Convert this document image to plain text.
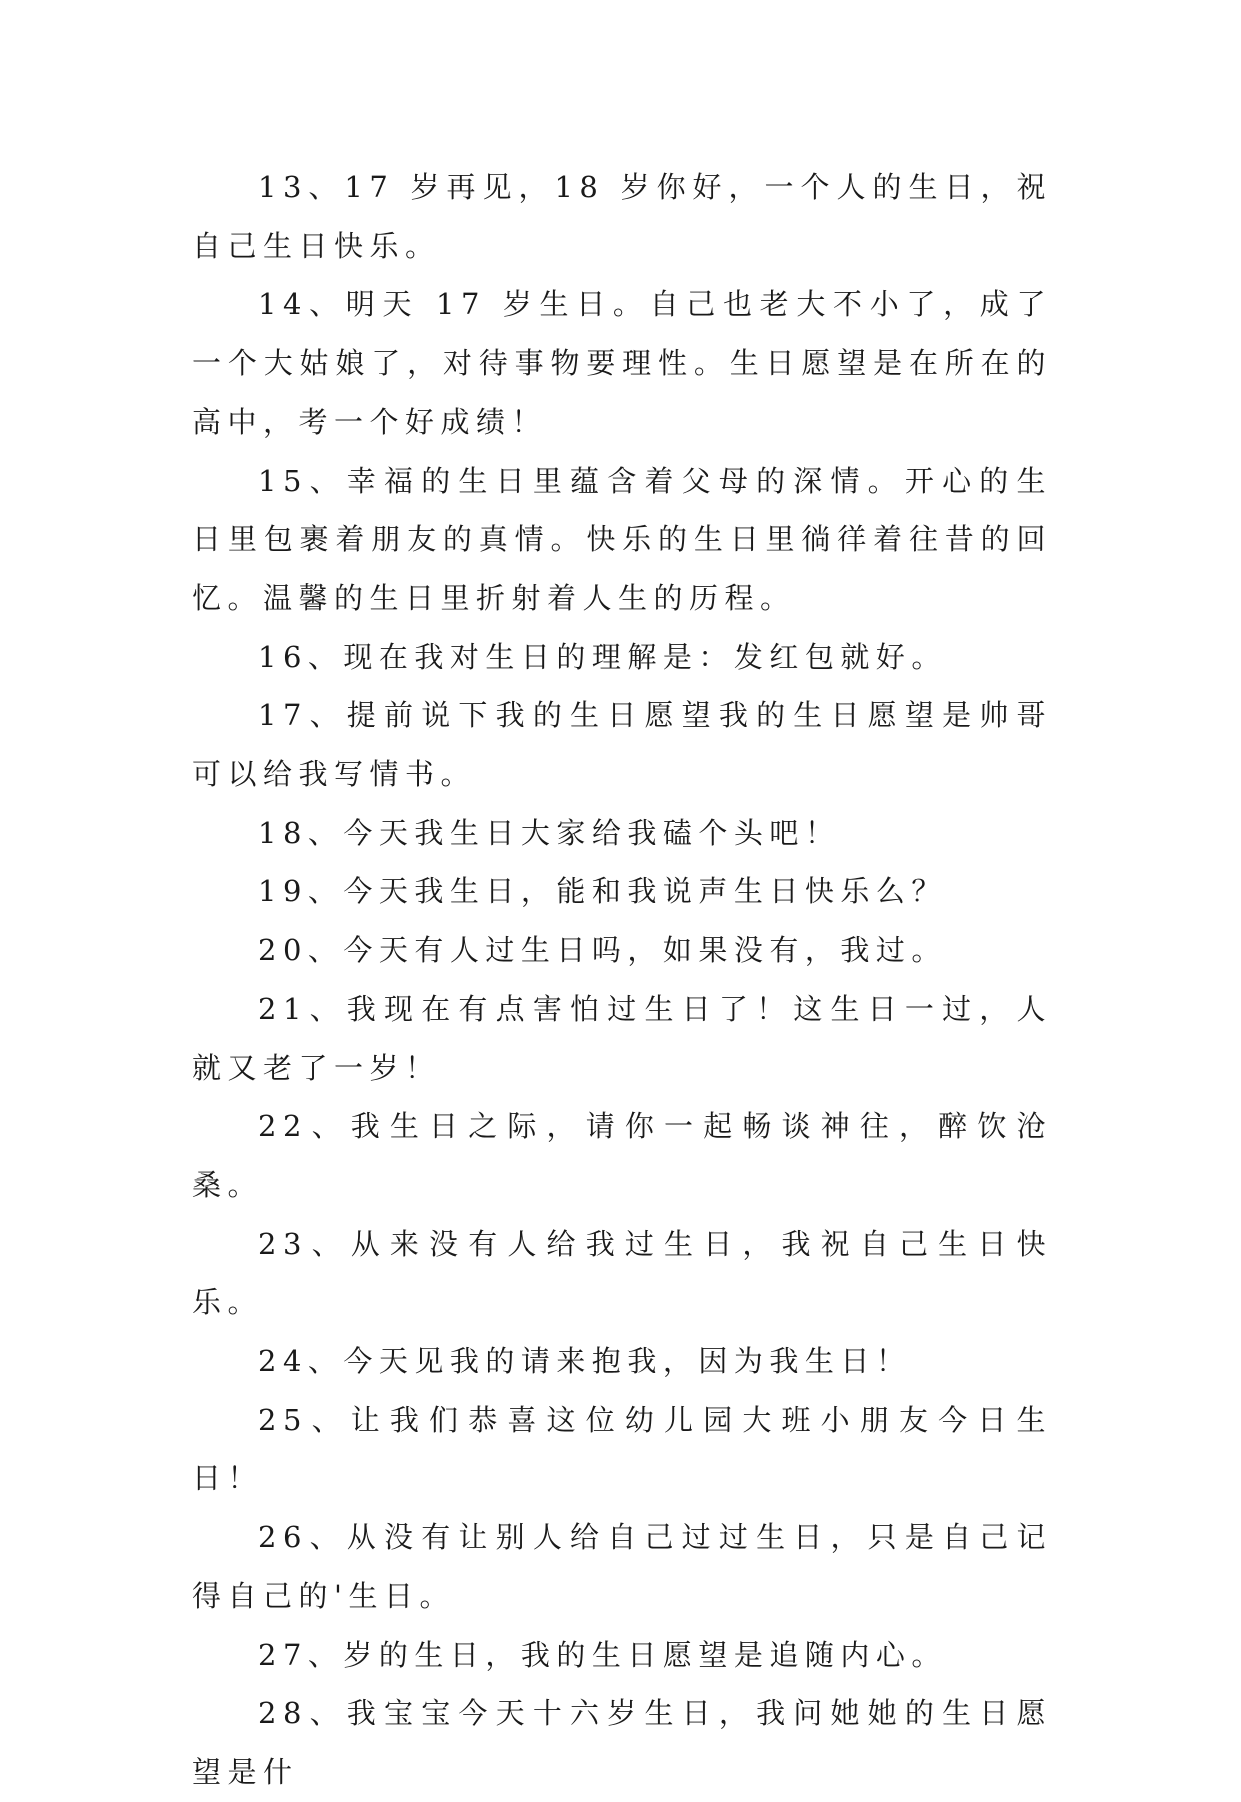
13、17 岁再见，18 岁你好，一个人的生日，祝自己生日快乐。

14、明天 17 岁生日。自己也老大不小了，成了一个大姑娘了，对待事物要理性。生日愿望是在所在的高中，考一个好成绩！

15、幸福的生日里蕴含着父母的深情。开心的生日里包裹着朋友的真情。快乐的生日里徜徉着往昔的回忆。温馨的生日里折射着人生的历程。

16、现在我对生日的理解是：发红包就好。

17、提前说下我的生日愿望我的生日愿望是帅哥可以给我写情书。

18、今天我生日大家给我磕个头吧！

19、今天我生日，能和我说声生日快乐么？

20、今天有人过生日吗，如果没有，我过。

21、我现在有点害怕过生日了！这生日一过，人就又老了一岁！

22、我生日之际，请你一起畅谈神往，醉饮沧桑。

23、从来没有人给我过生日，我祝自己生日快乐。

24、今天见我的请来抱我，因为我生日！

25、让我们恭喜这位幼儿园大班小朋友今日生日！

26、从没有让别人给自己过过生日，只是自己记得自己的'生日。

27、岁的生日，我的生日愿望是追随内心。

28、我宝宝今天十六岁生日，我问她她的生日愿望是什
